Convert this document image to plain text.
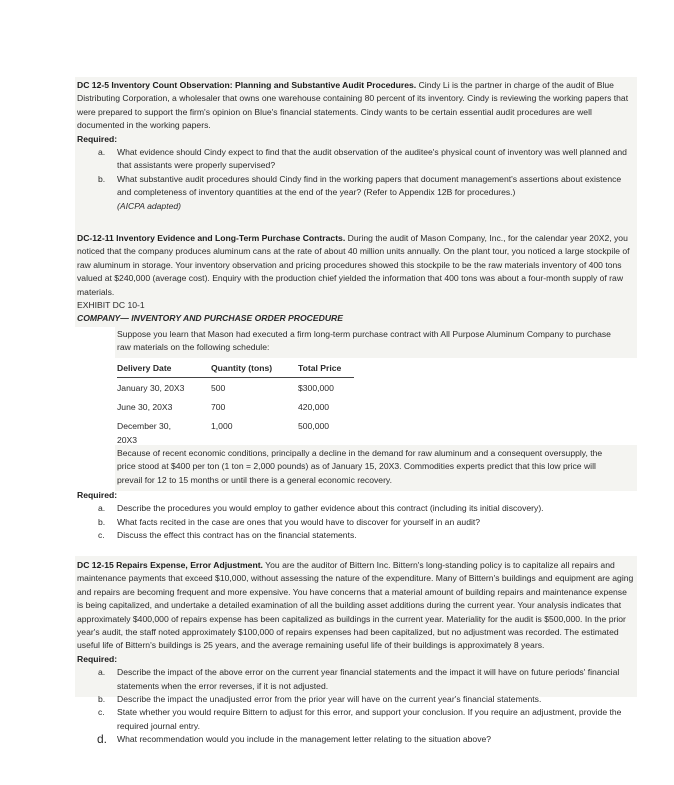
DC 12-5 Inventory Count Observation: Planning and Substantive Audit Procedures. Cindy Li is the partner in charge of the audit of Blue Distributing Corporation, a wholesaler that owns one warehouse containing 80 percent of its inventory. Cindy is reviewing the working papers that were prepared to support the firm's opinion on Blue's financial statements. Cindy wants to be certain essential audit procedures are well documented in the working papers.

Required:
a. What evidence should Cindy expect to find that the audit observation of the auditee's physical count of inventory was well planned and that assistants were properly supervised?
b. What substantive audit procedures should Cindy find in the working papers that document management's assertions about existence and completeness of inventory quantities at the end of the year? (Refer to Appendix 12B for procedures.)
(AICPA adapted)

DC-12-11 Inventory Evidence and Long-Term Purchase Contracts. During the audit of Mason Company, Inc., for the calendar year 20X2, you noticed that the company produces aluminum cans at the rate of about 40 million units annually. On the plant tour, you noticed a large stockpile of raw aluminum in storage. Your inventory observation and pricing procedures showed this stockpile to be the raw materials inventory of 400 tons valued at $240,000 (average cost). Enquiry with the production chief yielded the information that 400 tons was about a four-month supply of raw materials.

EXHIBIT DC 10-1
COMPANY— INVENTORY AND PURCHASE ORDER PROCEDURE
Suppose you learn that Mason had executed a firm long-term purchase contract with All Purpose Aluminum Company to purchase raw materials on the following schedule:
Delivery Date	Quantity (tons)	Total Price

January 30, 20X3	500	$300,000
June 30, 20X3	700	420,000
December 30,
20X3	1,000	500,000
Because of recent economic conditions, principally a decline in the demand for raw aluminum and a consequent oversupply, the price stood at $400 per ton (1 ton = 2,000 pounds) as of January 15, 20X3. Commodities experts predict that this low price will prevail for 12 to 15 months or until there is a general economic recovery.
Required:
a. Describe the procedures you would employ to gather evidence about this contract (including its initial discovery).
b. What facts recited in the case are ones that you would have to discover for yourself in an audit?
c. Discuss the effect this contract has on the financial statements.

DC 12-15 Repairs Expense, Error Adjustment. You are the auditor of Bittern Inc. Bittern's long-standing policy is to capitalize all repairs and maintenance payments that exceed $10,000, without assessing the nature of the expenditure. Many of Bittern's buildings and equipment are aging and repairs are becoming frequent and more expensive. You have concerns that a material amount of building repairs and maintenance expense is being capitalized, and undertake a detailed examination of all the building asset additions during the current year. Your analysis indicates that approximately $400,000 of repairs expense has been capitalized as buildings in the current year. Materiality for the audit is $500,000. In the prior year's audit, the staff noted approximately $100,000 of repairs expenses had been capitalized, but no adjustment was recorded. The estimated useful life of Bittern's buildings is 25 years, and the average remaining useful life of their buildings is approximately 8 years.

Required:
a. Describe the impact of the above error on the current year financial statements and the impact it will have on future periods' financial statements when the error reverses, if it is not adjusted.
b. Describe the impact the unadjusted error from the prior year will have on the current year's financial statements.
c. State whether you would require Bittern to adjust for this error, and support your conclusion. If you require an adjustment, provide the required journal entry.
d. What recommendation would you include in the management letter relating to the situation above?
